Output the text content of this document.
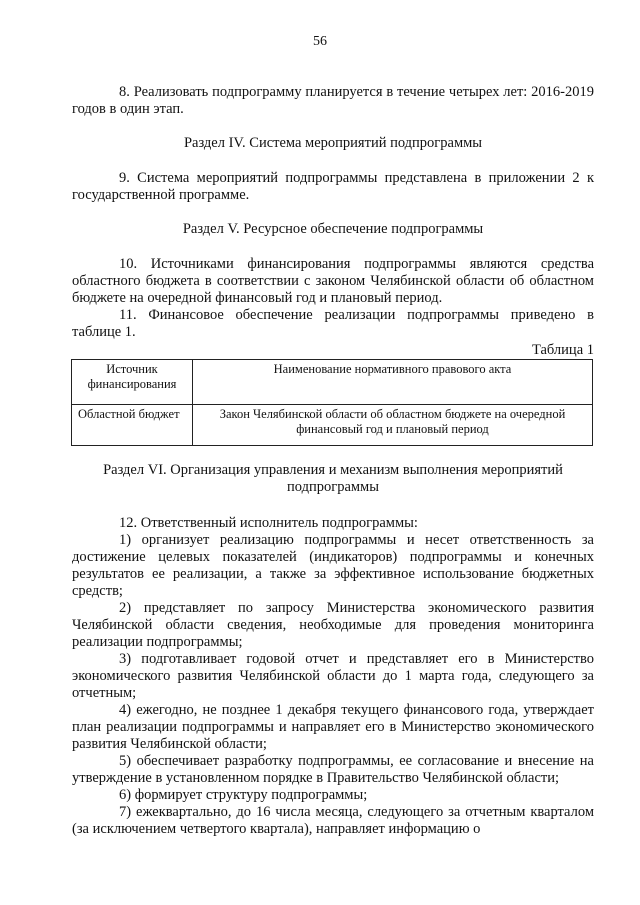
56

8. Реализовать подпрограмму планируется в течение четырех лет: 2016-2019 годов в один этап.

Раздел IV. Система мероприятий подпрограммы

9. Система мероприятий подпрограммы представлена в приложении 2 к государственной программе.

Раздел V. Ресурсное обеспечение подпрограммы

10. Источниками финансирования подпрограммы являются средства областного бюджета в соответствии с законом Челябинской области об областном бюджете на очередной финансовый год и плановый период.

11. Финансовое обеспечение реализации подпрограммы приведено в таблице 1.

Таблица 1
Источник финансирования	Наименование нормативного правового акта
Областной бюджет	Закон Челябинской области об областном бюджете на очередной финансовый год и плановый период

Раздел VI. Организация управления и механизм выполнения мероприятий подпрограммы

12. Ответственный исполнитель подпрограммы:

1) организует реализацию подпрограммы и несет ответственность за достижение целевых показателей (индикаторов) подпрограммы и конечных результатов ее реализации, а также за эффективное использование бюджетных средств;
2) представляет по запросу Министерства экономического развития Челябинской области сведения, необходимые для проведения мониторинга реализации подпрограммы;
3) подготавливает годовой отчет и представляет его в Министерство экономического развития Челябинской области до 1 марта года, следующего за отчетным;
4) ежегодно, не позднее 1 декабря текущего финансового года, утверждает план реализации подпрограммы и направляет его в Министерство экономического развития Челябинской области;
5) обеспечивает разработку подпрограммы, ее согласование и внесение на утверждение в установленном порядке в Правительство Челябинской области;
6) формирует структуру подпрограммы;
7) ежеквартально, до 16 числа месяца, следующего за отчетным кварталом (за исключением четвертого квартала), направляет информацию о
